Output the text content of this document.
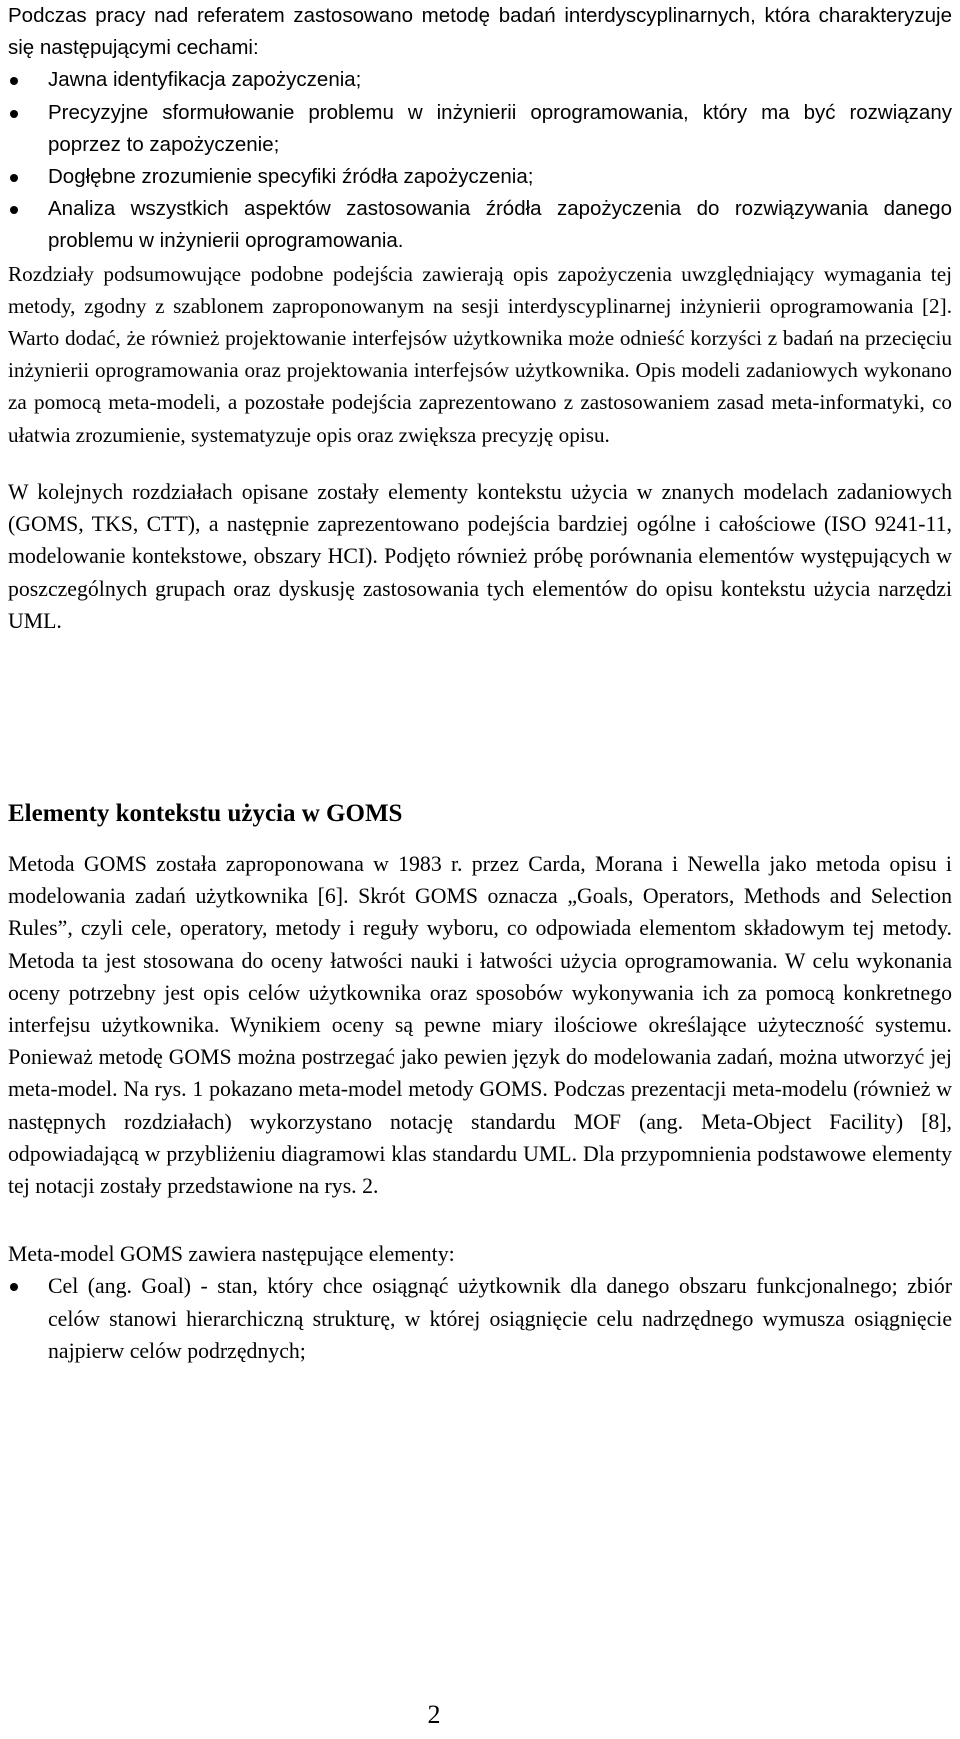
Podczas pracy nad referatem zastosowano metodę badań interdyscyplinarnych, która charakteryzuje się następującymi cechami:

Jawna identyfikacja zapożyczenia;
Precyzyjne sformułowanie problemu w inżynierii oprogramowania, który ma być rozwiązany poprzez to zapożyczenie;
Dogłębne zrozumienie specyfiki źródła zapożyczenia;
Analiza wszystkich aspektów zastosowania źródła zapożyczenia do rozwiązywania danego problemu w inżynierii oprogramowania.

Rozdziały podsumowujące podobne podejścia zawierają opis zapożyczenia uwzględniający wymagania tej metody, zgodny z szablonem zaproponowanym na sesji interdyscyplinarnej inżynierii oprogramowania [2]. Warto dodać, że również projektowanie interfejsów użytkownika może odnieść korzyści z badań na przecięciu inżynierii oprogramowania oraz projektowania interfejsów użytkownika. Opis modeli zadaniowych wykonano za pomocą meta-modeli, a pozostałe podejścia zaprezentowano z zastosowaniem zasad meta-informatyki, co ułatwia zrozumienie, systematyzuje opis oraz zwiększa precyzję opisu.

W kolejnych rozdziałach opisane zostały elementy kontekstu użycia w znanych modelach zadaniowych (GOMS, TKS, CTT), a następnie zaprezentowano podejścia bardziej ogólne i całościowe (ISO 9241-11, modelowanie kontekstowe, obszary HCI). Podjęto również próbę porównania elementów występujących w poszczególnych grupach oraz dyskusję zastosowania tych elementów do opisu kontekstu użycia narzędzi UML.

Elementy kontekstu użycia w GOMS

Metoda GOMS została zaproponowana w 1983 r. przez Carda, Morana i Newella jako metoda opisu i modelowania zadań użytkownika [6]. Skrót GOMS oznacza „Goals, Operators, Methods and Selection Rules”, czyli cele, operatory, metody i reguły wyboru, co odpowiada elementom składowym tej metody. Metoda ta jest stosowana do oceny łatwości nauki i łatwości użycia oprogramowania. W celu wykonania oceny potrzebny jest opis celów użytkownika oraz sposobów wykonywania ich za pomocą konkretnego interfejsu użytkownika. Wynikiem oceny są pewne miary ilościowe określające użyteczność systemu. Ponieważ metodę GOMS można postrzegać jako pewien język do modelowania zadań, można utworzyć jej meta-model. Na rys. 1 pokazano meta-model metody GOMS. Podczas prezentacji meta-modelu (również w następnych rozdziałach) wykorzystano notację standardu MOF (ang. Meta-Object Facility) [8], odpowiadającą w przybliżeniu diagramowi klas standardu UML. Dla przypomnienia podstawowe elementy tej notacji zostały przedstawione na rys. 2.

Meta-model GOMS zawiera następujące elementy:

Cel (ang. Goal) - stan, który chce osiągnąć użytkownik dla danego obszaru funkcjonalnego; zbiór celów stanowi hierarchiczną strukturę, w której osiągnięcie celu nadrzędnego wymusza osiągnięcie najpierw celów podrzędnych;
2
